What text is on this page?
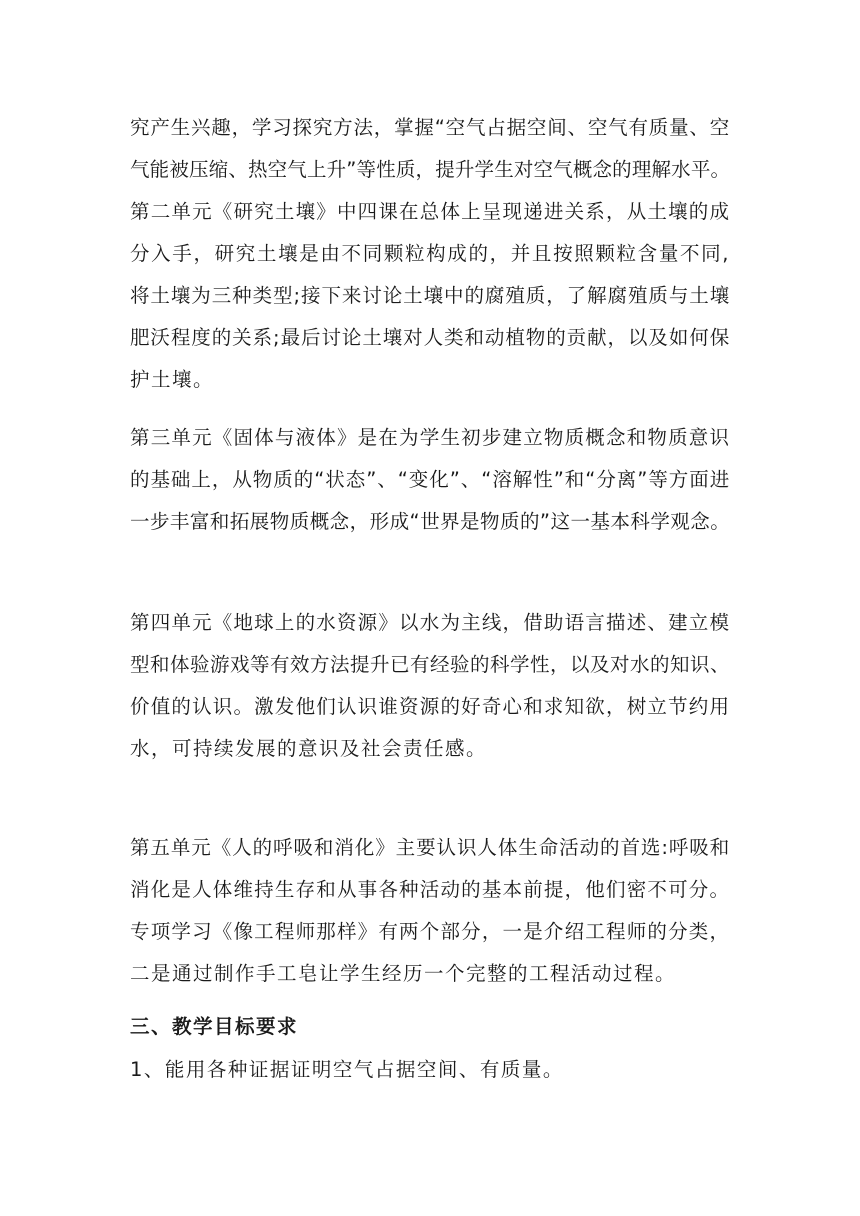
究产生兴趣，学习探究方法，掌握“空气占据空间、空气有质量、空
气能被压缩、热空气上升”等性质，提升学生对空气概念的理解水平。
第二单元《研究土壤》中四课在总体上呈现递进关系，从土壤的成
分入手，研究土壤是由不同颗粒构成的，并且按照颗粒含量不同,
将土壤为三种类型;接下来讨论土壤中的腐殖质，了解腐殖质与土壤
肥沃程度的关系;最后讨论土壤对人类和动植物的贡献，以及如何保
护土壤。
第三单元《固体与液体》是在为学生初步建立物质概念和物质意识
的基础上，从物质的“状态”、“变化”、“溶解性”和“分离”等方面进
一步丰富和拓展物质概念，形成“世界是物质的”这一基本科学观念。
第四单元《地球上的水资源》以水为主线，借助语言描述、建立模
型和体验游戏等有效方法提升已有经验的科学性，以及对水的知识、
价值的认识。激发他们认识谁资源的好奇心和求知欲，树立节约用
水，可持续发展的意识及社会责任感。
第五单元《人的呼吸和消化》主要认识人体生命活动的首选:呼吸和
消化是人体维持生存和从事各种活动的基本前提，他们密不可分。
专项学习《像工程师那样》有两个部分，一是介绍工程师的分类，
二是通过制作手工皂让学生经历一个完整的工程活动过程。
三、教学目标要求
1、能用各种证据证明空气占据空间、有质量。
